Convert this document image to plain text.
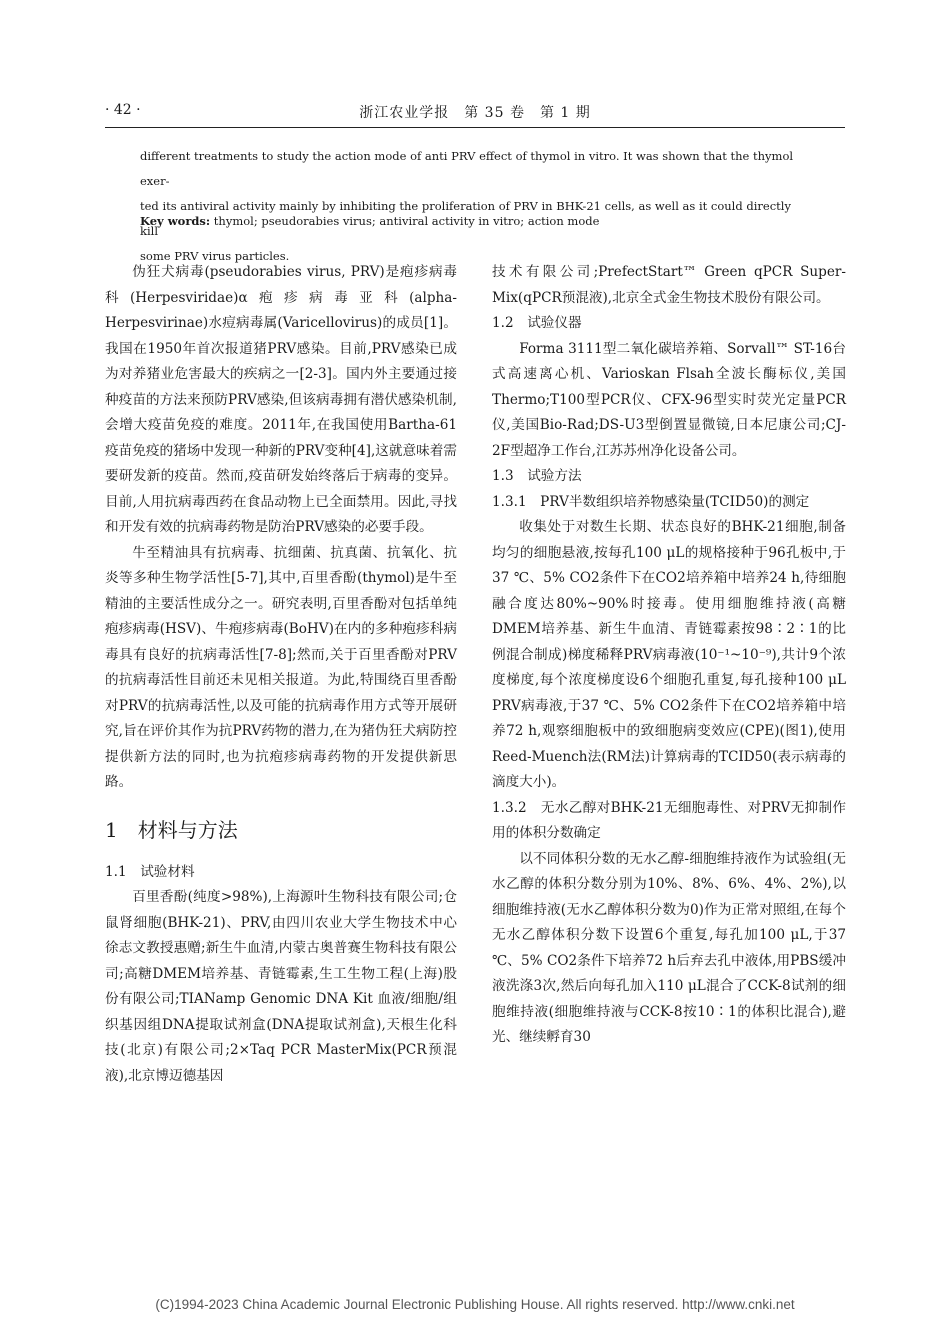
· 42 ·	浙江农业学报　第 35 卷　第 1 期

different treatments to study the action mode of anti PRV effect of thymol in vitro. It was shown that the thymol exer-

ted its antiviral activity mainly by inhibiting the proliferation of PRV in BHK-21 cells, as well as it could directly kill

some PRV virus particles.

Key words: thymol; pseudorabies virus; antiviral activity in vitro; action mode

伪狂犬病毒(pseudorabies virus, PRV)是疱疹病毒科(Herpesviridae)α疱疹病毒亚科(alpha-Herpesvirinae)水痘病毒属(Varicellovirus)的成员[1]。我国在1950年首次报道猪PRV感染。目前,PRV感染已成为对养猪业危害最大的疾病之一[2-3]。国内外主要通过接种疫苗的方法来预防PRV感染,但该病毒拥有潜伏感染机制,会增大疫苗免疫的难度。2011年,在我国使用Bartha-61疫苗免疫的猪场中发现一种新的PRV变种[4],这就意味着需要研发新的疫苗。然而,疫苗研发始终落后于病毒的变异。目前,人用抗病毒西药在食品动物上已全面禁用。因此,寻找和开发有效的抗病毒药物是防治PRV感染的必要手段。

牛至精油具有抗病毒、抗细菌、抗真菌、抗氧化、抗炎等多种生物学活性[5-7],其中,百里香酚(thymol)是牛至精油的主要活性成分之一。研究表明,百里香酚对包括单纯疱疹病毒(HSV)、牛疱疹病毒(BoHV)在内的多种疱疹科病毒具有良好的抗病毒活性[7-8];然而,关于百里香酚对PRV的抗病毒活性目前还未见相关报道。为此,特围绕百里香酚对PRV的抗病毒活性,以及可能的抗病毒作用方式等开展研究,旨在评价其作为抗PRV药物的潜力,在为猪伪狂犬病防控提供新方法的同时,也为抗疱疹病毒药物的开发提供新思路。

1　材料与方法

1.1　试验材料

百里香酚(纯度>98%),上海源叶生物科技有限公司;仓鼠肾细胞(BHK-21)、PRV,由四川农业大学生物技术中心徐志文教授惠赠;新生牛血清,内蒙古奥普赛生物科技有限公司;高糖DMEM培养基、青链霉素,生工生物工程(上海)股份有限公司;TIANamp Genomic DNA Kit 血液/细胞/组织基因组DNA提取试剂盒(DNA提取试剂盒),天根生化科技(北京)有限公司;2×Taq PCR MasterMix(PCR预混液),北京博迈德基因

技术有限公司;PrefectStart™ Green qPCR Super-Mix(qPCR预混液),北京全式金生物技术股份有限公司。

1.2　试验仪器

Forma 3111型二氧化碳培养箱、Sorvall™ ST-16台式高速离心机、Varioskan Flsah全波长酶标仪,美国Thermo;T100型PCR仪、CFX-96型实时荧光定量PCR仪,美国Bio-Rad;DS-U3型倒置显微镜,日本尼康公司;CJ-2F型超净工作台,江苏苏州净化设备公司。

1.3　试验方法

1.3.1　PRV半数组织培养物感染量(TCID50)的测定

收集处于对数生长期、状态良好的BHK-21细胞,制备均匀的细胞悬液,按每孔100 μL的规格接种于96孔板中,于37 ℃、5% CO2条件下在CO2培养箱中培养24 h,待细胞融合度达80%~90%时接毒。使用细胞维持液(高糖DMEM培养基、新生牛血清、青链霉素按98∶2∶1的比例混合制成)梯度稀释PRV病毒液(10⁻¹~10⁻⁹),共计9个浓度梯度,每个浓度梯度设6个细胞孔重复,每孔接种100 μL PRV病毒液,于37 ℃、5% CO2条件下在CO2培养箱中培养72 h,观察细胞板中的致细胞病变效应(CPE)(图1),使用Reed-Muench法(RM法)计算病毒的TCID50(表示病毒的滴度大小)。

1.3.2　无水乙醇对BHK-21无细胞毒性、对PRV无抑制作用的体积分数确定

以不同体积分数的无水乙醇-细胞维持液作为试验组(无水乙醇的体积分数分别为10%、8%、6%、4%、2%),以细胞维持液(无水乙醇体积分数为0)作为正常对照组,在每个无水乙醇体积分数下设置6个重复,每孔加100 μL,于37 ℃、5% CO2条件下培养72 h后弃去孔中液体,用PBS缓冲液洗涤3次,然后向每孔加入110 μL混合了CCK-8试剂的细胞维持液(细胞维持液与CCK-8按10∶1的体积比混合),避光、继续孵育30

(C)1994-2023 China Academic Journal Electronic Publishing House. All rights reserved. http://www.cnki.net
